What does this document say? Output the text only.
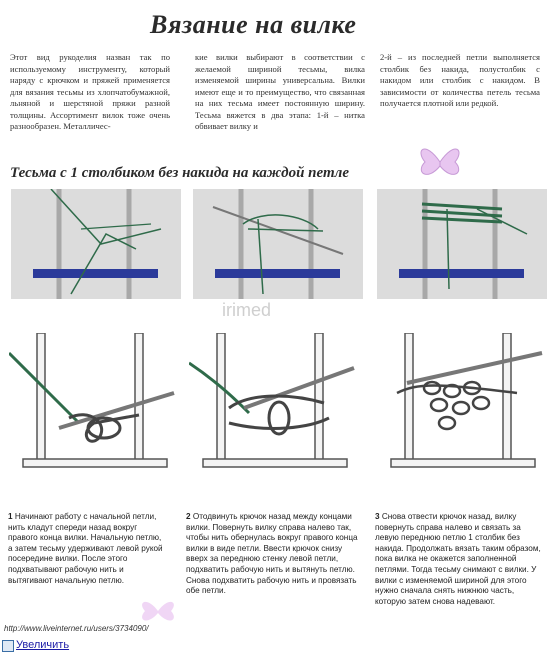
Вязание на вилке
Этот вид рукоделия назван так по используемому инструменту, который наряду с крючком и пряжей применяется для вязания тесьмы из хлопчатобумажной, льняной и шерстяной пряжи разной толщины. Ассортимент вилок тоже очень разнообразен. Металличес-
кие вилки выбирают в соответствии с желаемой шириной тесьмы, вилка изменяемой ширины универсальна. Вилки имеют еще и то преимущество, что связанная на них тесьма имеет постоянную ширину. Тесьма вяжется в два этапа: 1-й – нитка обвивает вилку и
2-й – из последней петли выполняется столбик без накида, полустолбик с накидом или столбик с накидом. В зависимости от количества петель тесьма получается плотной или редкой.
Тесьма с 1 столбиком без накида на каждой петле
irimed
1 Начинают работу с начальной петли, нить кладут спереди назад вокруг правого конца вилки. Начальную петлю, а затем тесьму удерживают левой рукой посередине вилки. После этого подхватывают рабочую нить и вытягивают начальную петлю.
2 Отодвинуть крючок назад между концами вилки. Повернуть вилку справа налево так, чтобы нить обернулась вокруг правого конца вилки в виде петли. Ввести крючок снизу вверх за переднюю стенку левой петли, подхватить рабочую нить и вытянуть петлю. Снова подхватить рабочую нить и провязать обе петли.
3 Снова отвести крючок назад, вилку повернуть справа налево и связать за левую переднюю петлю 1 столбик без накида. Продолжать вязать таким образом, пока вилка не окажется заполненной петлями. Тогда тесьму снимают с вилки. У вилки с изменяемой шириной для этого нужно сначала снять нижнюю часть, которую затем снова надевают.
http://www.liveinternet.ru/users/3734090/
Увеличить
